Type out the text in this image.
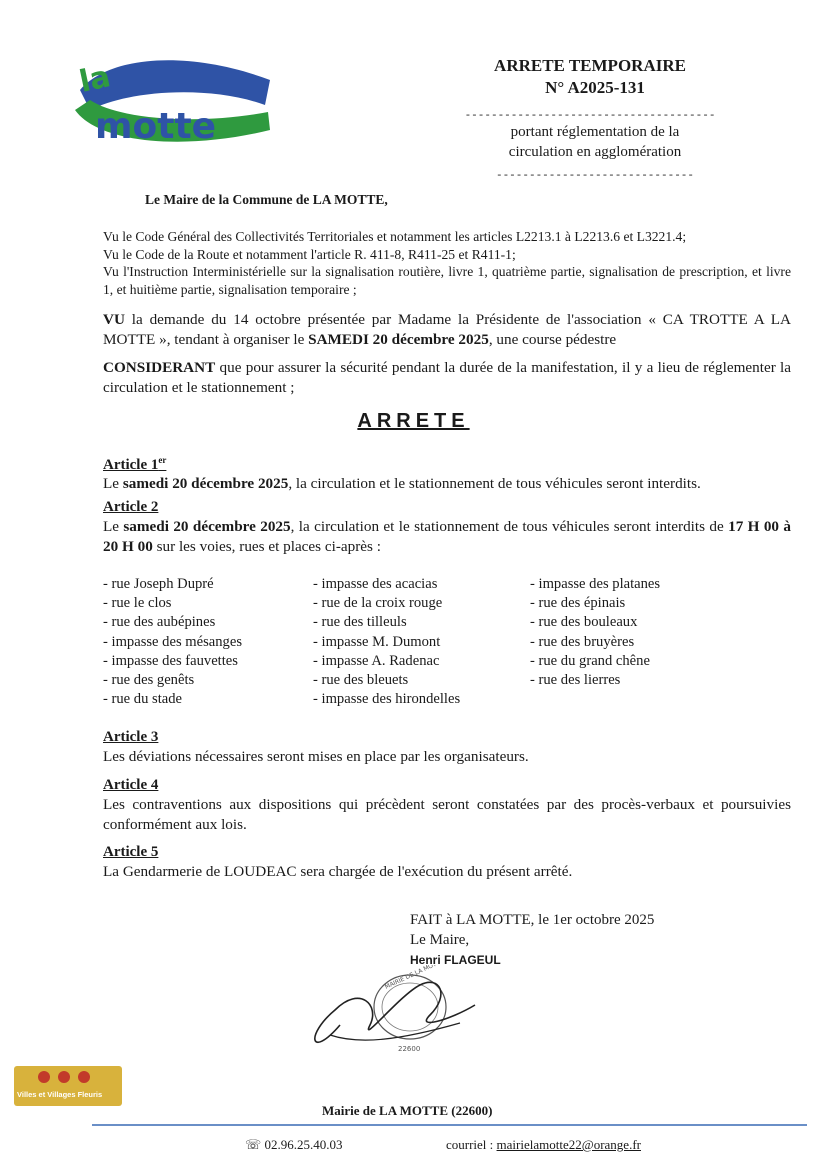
la
motte
ARRETE TEMPORAIRE
N° A2025-131
--------------------------------------
portant réglementation de la
circulation en agglomération
------------------------------
Le Maire de la Commune de LA MOTTE,
Vu le Code Général des Collectivités Territoriales et notamment les articles L2213.1 à L2213.6 et L3221.4;
Vu le Code de la Route et notamment l'article R. 411-8, R411-25 et R411-1;
Vu l'Instruction Interministérielle sur la signalisation routière, livre 1, quatrième partie, signalisation de prescription, et livre 1, et huitième partie, signalisation temporaire ;
VU la demande du 14 octobre présentée par Madame la Présidente de l'association « CA TROTTE A LA MOTTE », tendant à organiser le SAMEDI 20 décembre 2025, une course pédestre
CONSIDERANT que pour assurer la sécurité pendant la durée de la manifestation, il y a lieu de réglementer la circulation et le stationnement ;
ARRETE
Article 1er
Le samedi 20 décembre 2025, la circulation et le stationnement de tous véhicules seront interdits.
Article 2
Le samedi 20 décembre 2025, la circulation et le stationnement de tous véhicules seront interdits de 17 H 00 à 20 H 00 sur les voies, rues et places ci-après :
- rue Joseph Dupré
- rue le clos
- rue des aubépines
- impasse des mésanges
- impasse des fauvettes
- rue des genêts
- rue du stade
- impasse des acacias
- rue de la croix rouge
- rue des tilleuls
- impasse M. Dumont
- impasse A. Radenac
- rue des bleuets
- impasse des hirondelles
- impasse des platanes
- rue des épinais
- rue des bouleaux
- rue des bruyères
- rue du grand chêne
- rue des lierres
Article 3
Les déviations nécessaires seront mises en place par les organisateurs.
Article 4
Les contraventions aux dispositions qui précèdent seront constatées par des procès-verbaux et poursuivies conformément aux lois.
Article 5
La Gendarmerie de LOUDEAC sera chargée de l'exécution du présent arrêté.
FAIT à LA MOTTE, le 1er octobre 2025
Le Maire,
Henri FLAGEUL
MAIRIE DE LA MOTTE
22600
Villes et Villages Fleuris
Mairie de LA MOTTE (22600)
☏ 02.96.25.40.03	courriel : mairielamotte22@orange.fr
